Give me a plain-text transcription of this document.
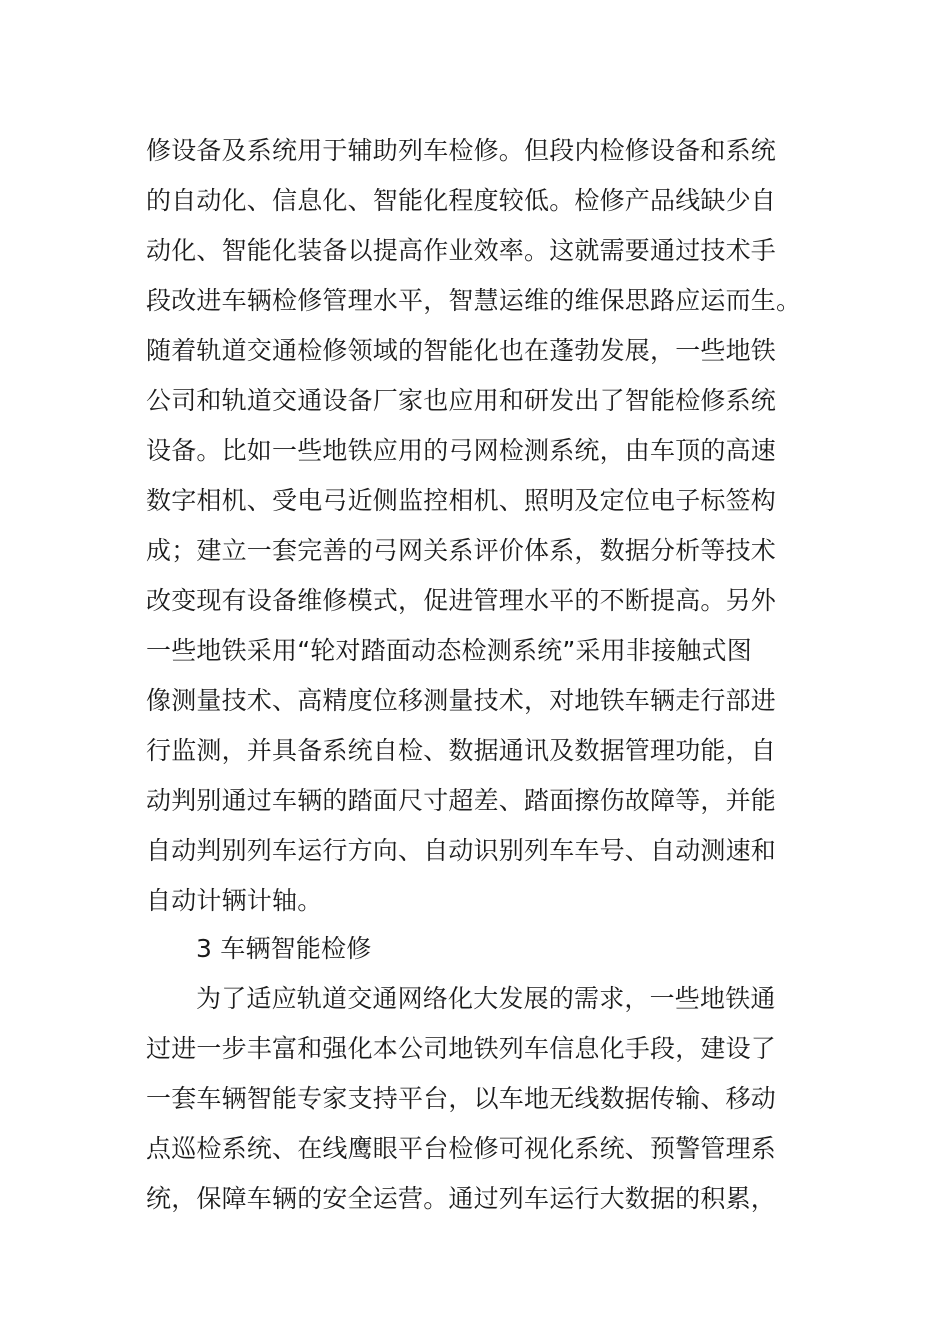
修设备及系统用于辅助列车检修。但段内检修设备和系统
的自动化、信息化、智能化程度较低。检修产品线缺少自
动化、智能化装备以提高作业效率。这就需要通过技术手
段改进车辆检修管理水平，智慧运维的维保思路应运而生。
随着轨道交通检修领域的智能化也在蓬勃发展，一些地铁
公司和轨道交通设备厂家也应用和研发出了智能检修系统
设备。比如一些地铁应用的弓网检测系统，由车顶的高速
数字相机、受电弓近侧监控相机、照明及定位电子标签构
成；建立一套完善的弓网关系评价体系，数据分析等技术
改变现有设备维修模式，促进管理水平的不断提高。另外
一些地铁采用“轮对踏面动态检测系统”采用非接触式图
像测量技术、高精度位移测量技术，对地铁车辆走行部进
行监测，并具备系统自检、数据通讯及数据管理功能，自
动判别通过车辆的踏面尺寸超差、踏面擦伤故障等，并能
自动判别列车运行方向、自动识别列车车号、自动测速和
自动计辆计轴。
3 车辆智能检修
为了适应轨道交通网络化大发展的需求，一些地铁通
过进一步丰富和强化本公司地铁列车信息化手段，建设了
一套车辆智能专家支持平台，以车地无线数据传输、移动
点巡检系统、在线鹰眼平台检修可视化系统、预警管理系
统，保障车辆的安全运营。通过列车运行大数据的积累，
